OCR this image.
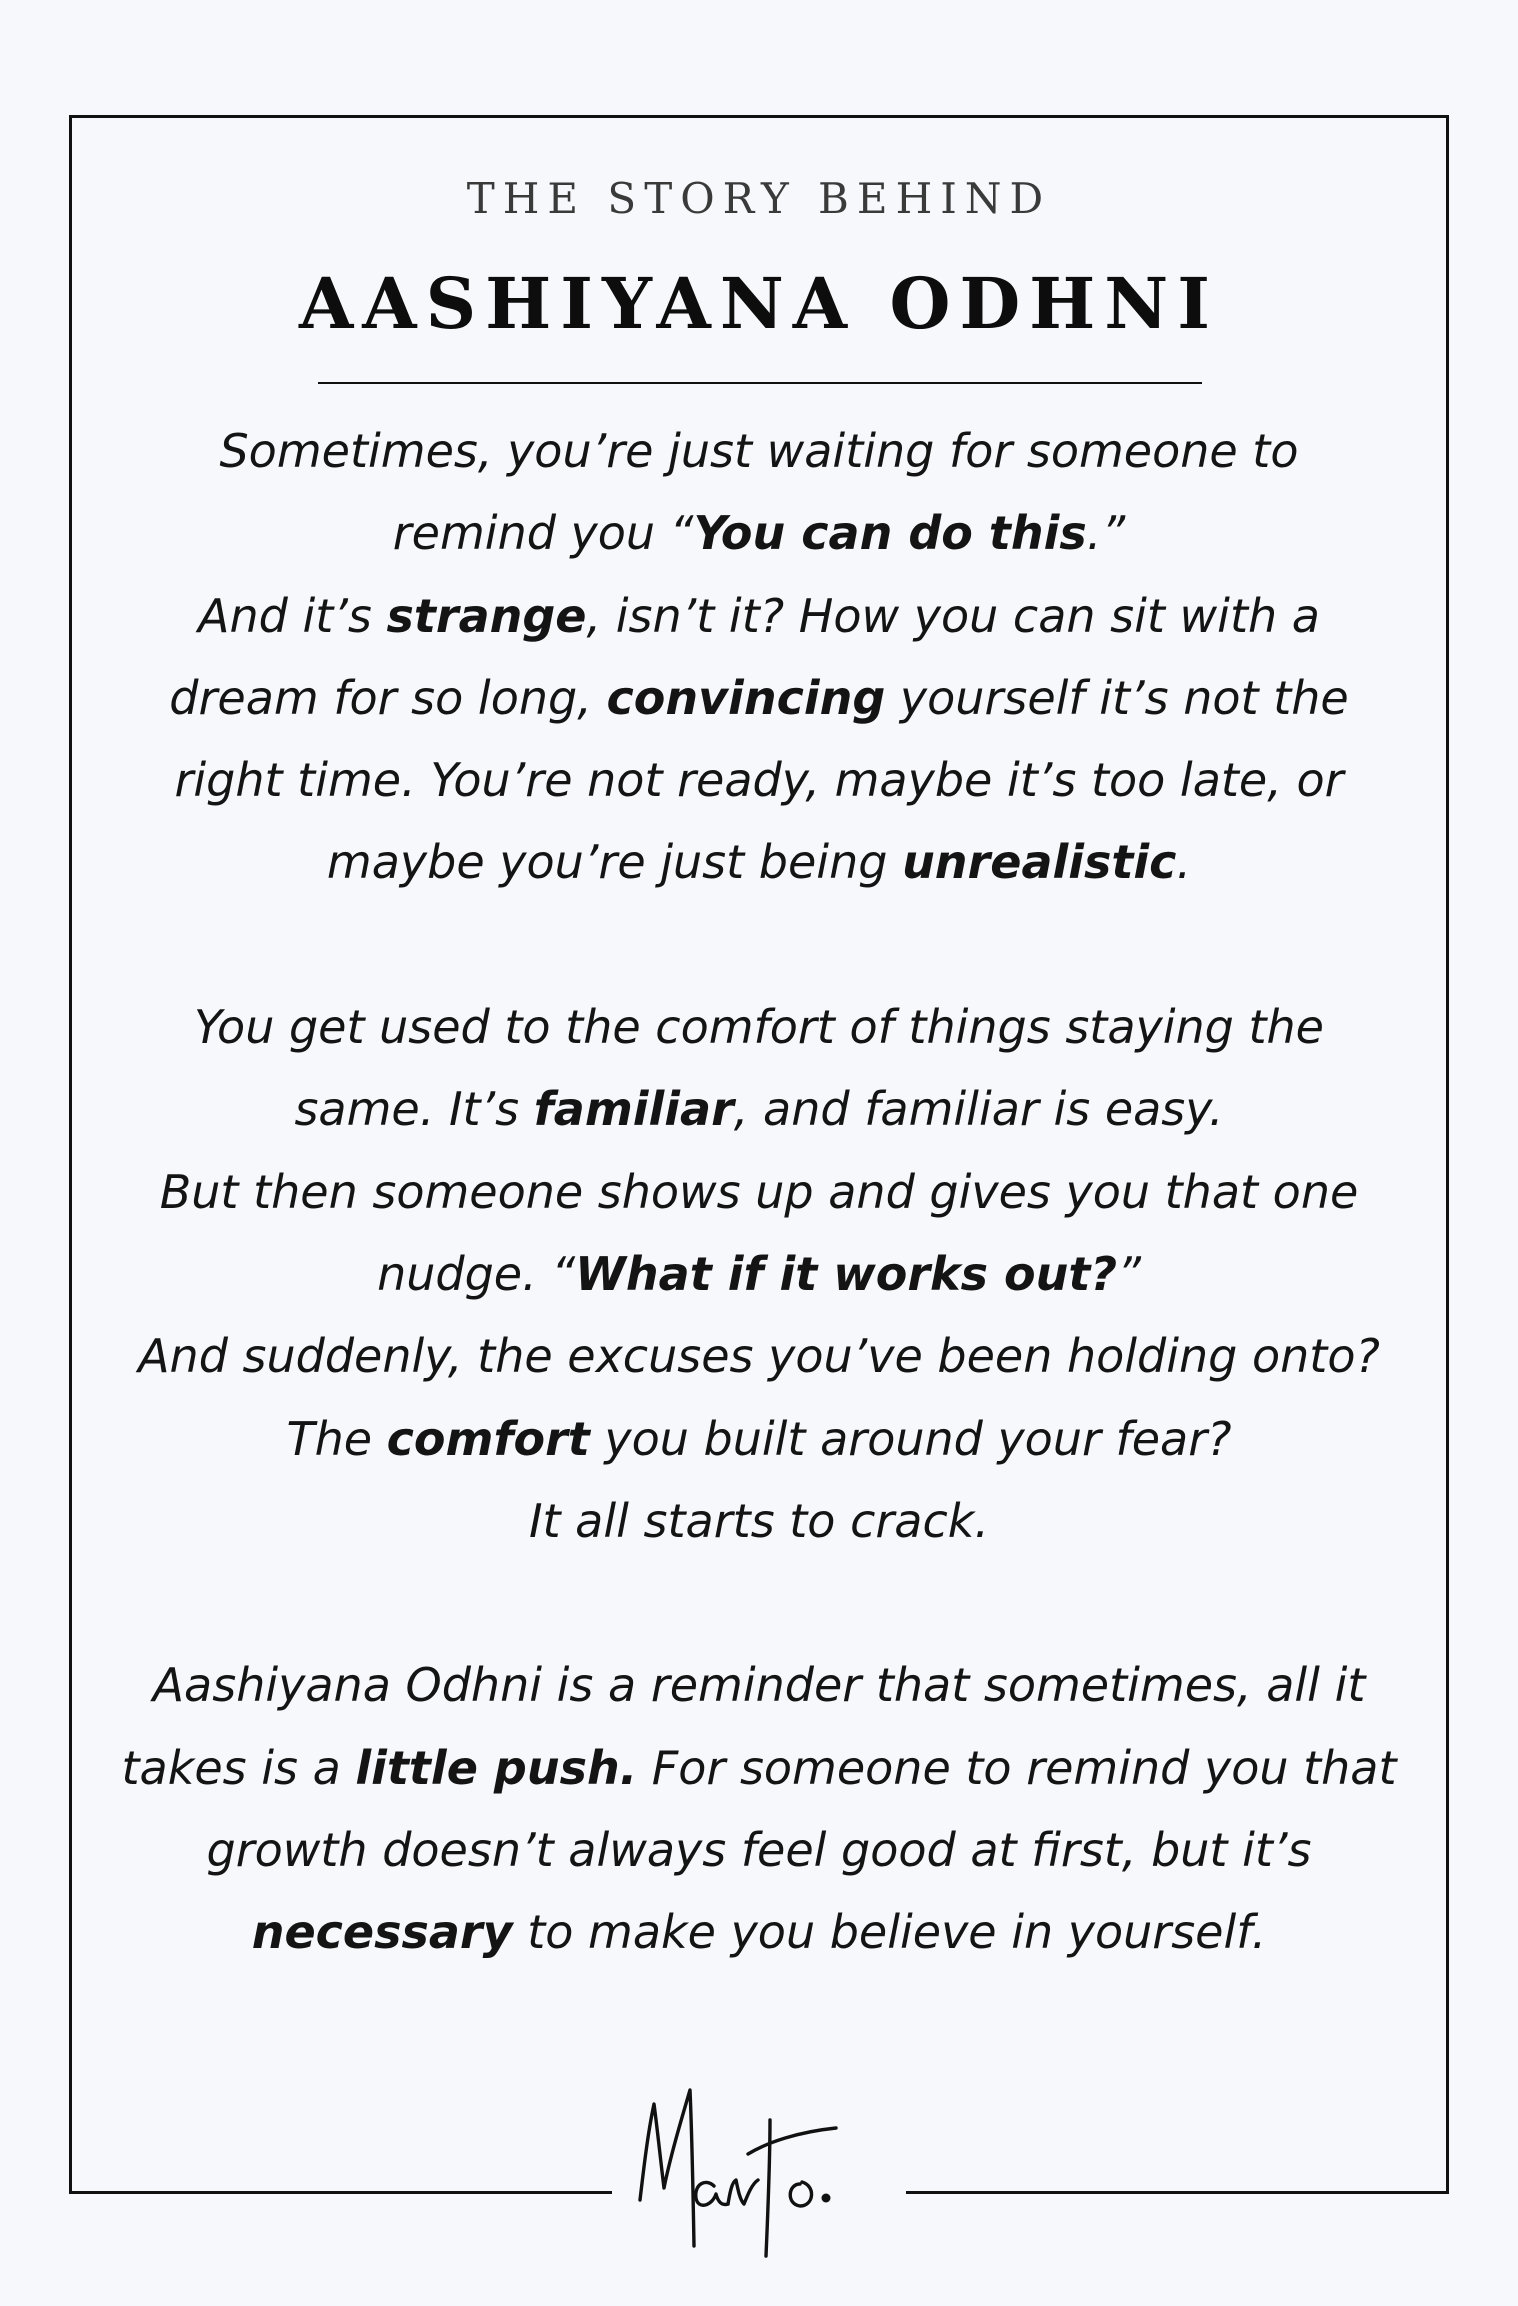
THE STORY BEHIND
AASHIYANA ODHNI

Sometimes, you’re just waiting for someone to
remind you “You can do this.”
And it’s strange, isn’t it? How you can sit with a dream for so long, convincing yourself it’s not the right time. You’re not ready, maybe it’s too late, or maybe you’re just being unrealistic.

You get used to the comfort of things staying the same. It’s familiar, and familiar is easy.
But then someone shows up and gives you that one nudge. “What if it works out?”
And suddenly, the excuses you’ve been holding onto? The comfort you built around your fear?
It all starts to crack.

Aashiyana Odhni is a reminder that sometimes, all it takes is a little push. For someone to remind you that growth doesn’t always feel good at first, but it’s necessary to make you believe in yourself.
